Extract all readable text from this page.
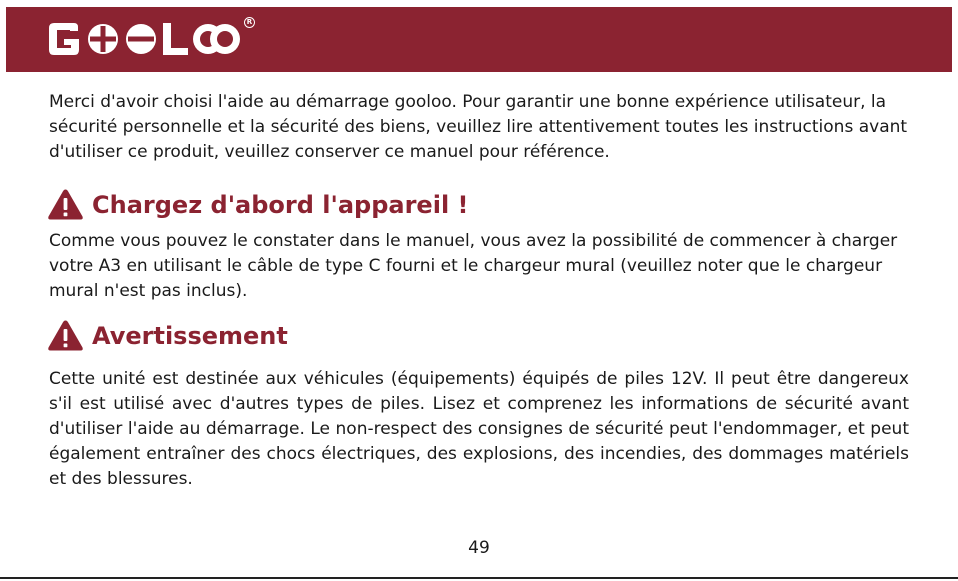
R

Merci d'avoir choisi l'aide au démarrage gooloo. Pour garantir une bonne expérience utilisateur, la sécurité personnelle et la sécurité des biens, veuillez lire attentivement toutes les instructions avant d'utiliser ce produit, veuillez conserver ce manuel pour référence.

Chargez d'abord l'appareil !

Comme vous pouvez le constater dans le manuel, vous avez la possibilité de commencer à charger votre A3 en utilisant le câble de type C fourni et le chargeur mural (veuillez noter que le chargeur mural n'est pas inclus).

Avertissement

Cette unité est destinée aux véhicules (équipements) équipés de piles 12V. Il peut être dangereux s'il est utilisé avec d'autres types de piles. Lisez et comprenez les informations de sécurité avant d'utiliser l'aide au démarrage. Le non-respect des consignes de sécurité peut l'endommager, et peut également entraîner des chocs électriques, des explosions, des incendies, des dommages matériels et des blessures.

49
